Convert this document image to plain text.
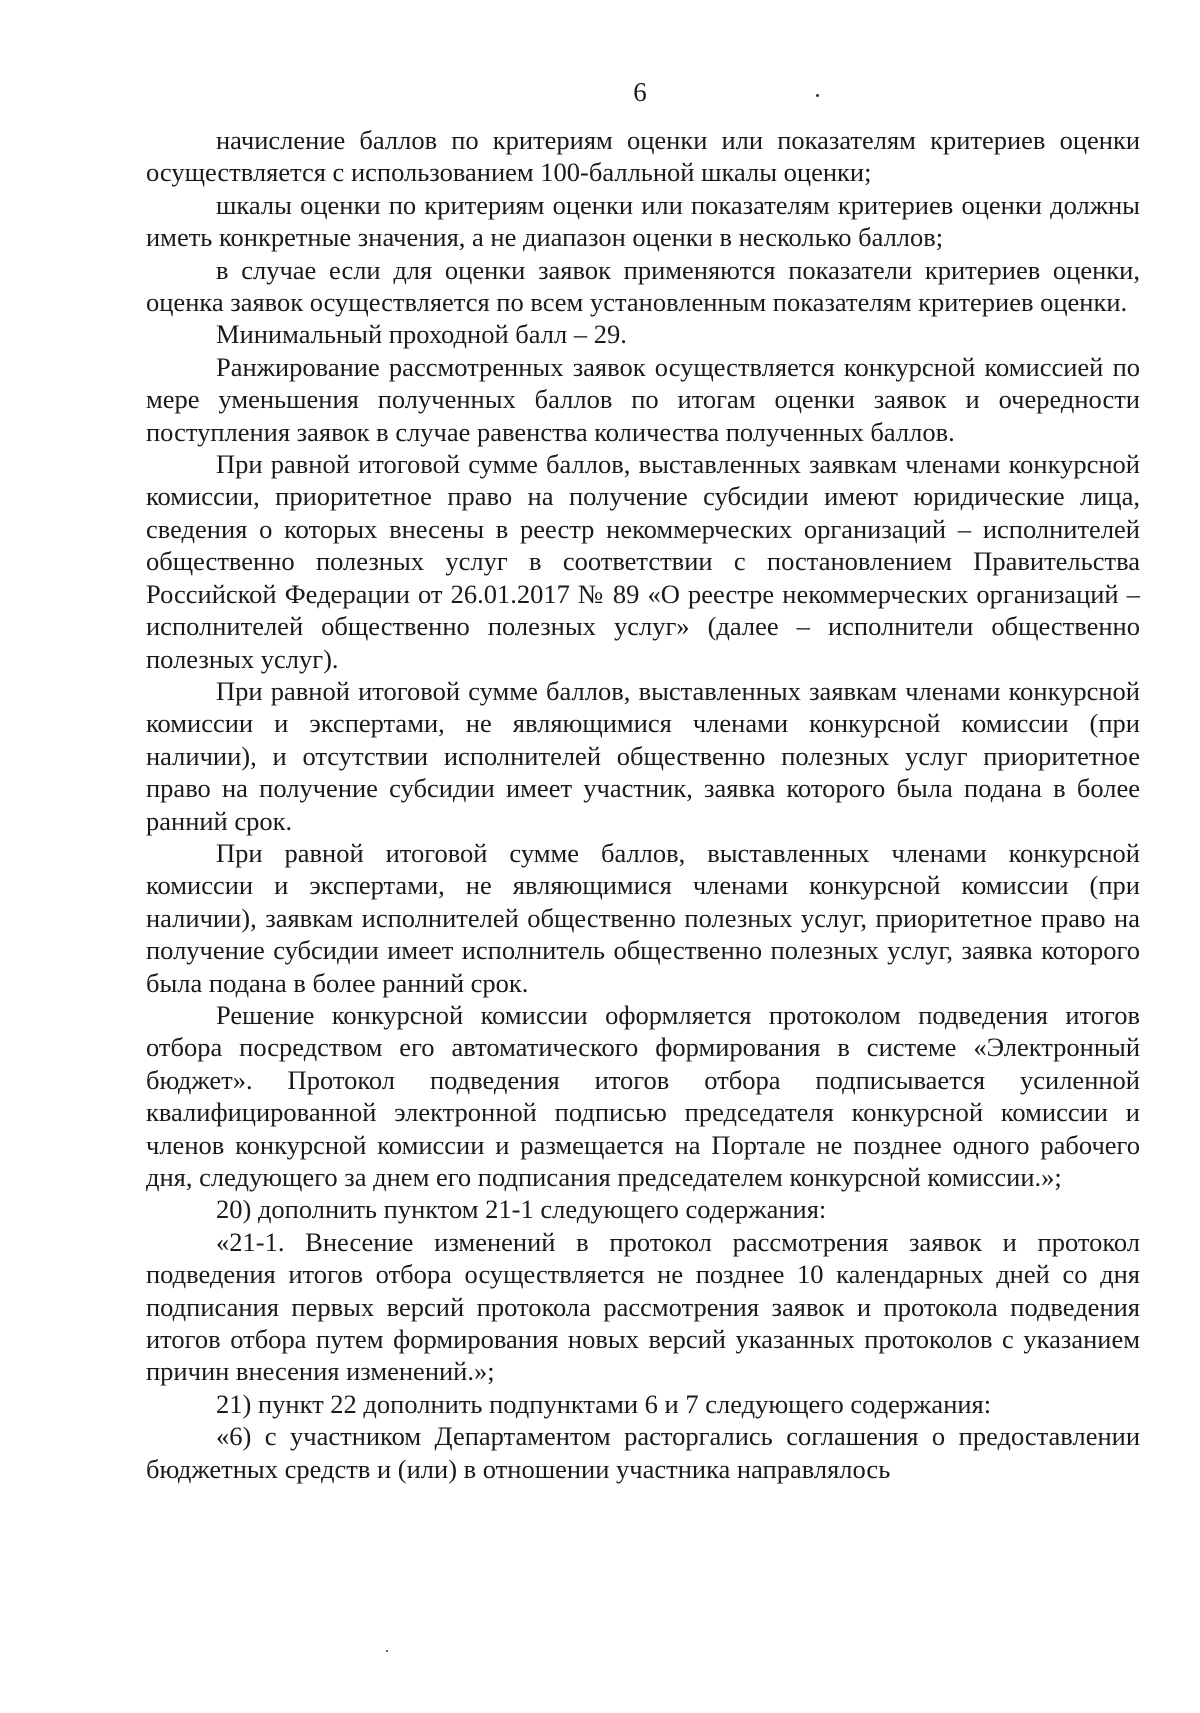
6

начисление баллов по критериям оценки или показателям критериев оценки осуществляется с использованием 100-балльной шкалы оценки;

шкалы оценки по критериям оценки или показателям критериев оценки должны иметь конкретные значения, а не диапазон оценки в несколько баллов;

в случае если для оценки заявок применяются показатели критериев оценки, оценка заявок осуществляется по всем установленным показателям критериев оценки.

Минимальный проходной балл – 29.

Ранжирование рассмотренных заявок осуществляется конкурсной комиссией по мере уменьшения полученных баллов по итогам оценки заявок и очередности поступления заявок в случае равенства количества полученных баллов.

При равной итоговой сумме баллов, выставленных заявкам членами конкурсной комиссии, приоритетное право на получение субсидии имеют юридические лица, сведения о которых внесены в реестр некоммерческих организаций – исполнителей общественно полезных услуг в соответствии с постановлением Правительства Российской Федерации от 26.01.2017 № 89 «О реестре некоммерческих организаций – исполнителей общественно полезных услуг» (далее – исполнители общественно полезных услуг).

При равной итоговой сумме баллов, выставленных заявкам членами конкурсной комиссии и экспертами, не являющимися членами конкурсной комиссии (при наличии), и отсутствии исполнителей общественно полезных услуг приоритетное право на получение субсидии имеет участник, заявка которого была подана в более ранний срок.

При равной итоговой сумме баллов, выставленных членами конкурсной комиссии и экспертами, не являющимися членами конкурсной комиссии (при наличии), заявкам исполнителей общественно полезных услуг, приоритетное право на получение субсидии имеет исполнитель общественно полезных услуг, заявка которого была подана в более ранний срок.

Решение конкурсной комиссии оформляется протоколом подведения итогов отбора посредством его автоматического формирования в системе «Электронный бюджет». Протокол подведения итогов отбора подписывается усиленной квалифицированной электронной подписью председателя конкурсной комиссии и членов конкурсной комиссии и размещается на Портале не позднее одного рабочего дня, следующего за днем его подписания председателем конкурсной комиссии.»;

20) дополнить пунктом 21-1 следующего содержания:

«21-1. Внесение изменений в протокол рассмотрения заявок и протокол подведения итогов отбора осуществляется не позднее 10 календарных дней со дня подписания первых версий протокола рассмотрения заявок и протокола подведения итогов отбора путем формирования новых версий указанных протоколов с указанием причин внесения изменений.»;

21) пункт 22 дополнить подпунктами 6 и 7 следующего содержания:

«6) с участником Департаментом расторгались соглашения о предоставлении бюджетных средств и (или) в отношении участника направлялось
